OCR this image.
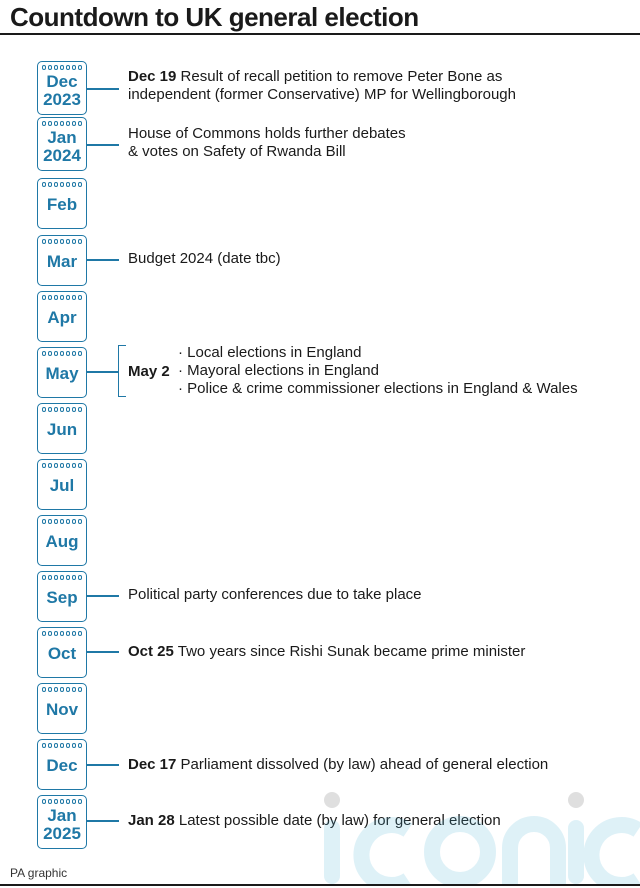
Countdown to UK general election
Dec
2023
Jan
2024
Feb
Mar
Apr
May
Jun
Jul
Aug
Sep
Oct
Nov
Dec
Jan
2025
Dec 19 Result of recall petition to remove Peter Bone as
independent (former Conservative) MP for Wellingborough
House of Commons holds further debates
& votes on Safety of Rwanda Bill
Budget 2024 (date tbc)
May 2
· Local elections in England
· Mayoral elections in England
· Police & crime commissioner elections in England & Wales
Political party conferences due to take place
Oct 25 Two years since Rishi Sunak became prime minister
Dec 17 Parliament dissolved (by law) ahead of general election
Jan 28 Latest possible date (by law) for general election
PA graphic
